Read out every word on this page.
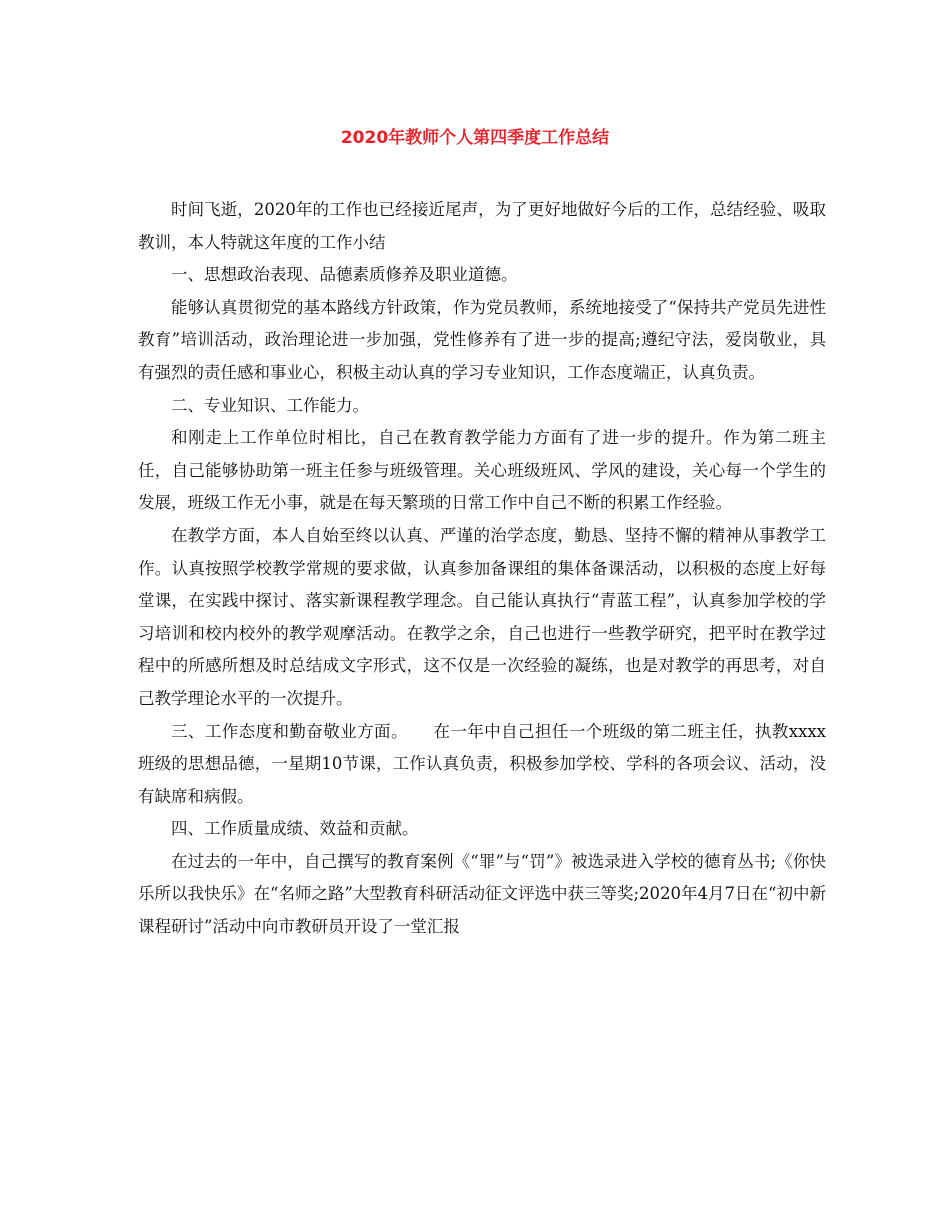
2020年教师个人第四季度工作总结

时间飞逝，2020年的工作也已经接近尾声，为了更好地做好今后的工作，总结经验、吸取教训，本人特就这年度的工作小结

一、思想政治表现、品德素质修养及职业道德。

能够认真贯彻党的基本路线方针政策，作为党员教师，系统地接受了“保持共产党员先进性教育”培训活动，政治理论进一步加强，党性修养有了进一步的提高;遵纪守法，爱岗敬业，具有强烈的责任感和事业心，积极主动认真的学习专业知识，工作态度端正，认真负责。

二、专业知识、工作能力。

和刚走上工作单位时相比，自己在教育教学能力方面有了进一步的提升。作为第二班主任，自己能够协助第一班主任参与班级管理。关心班级班风、学风的建设，关心每一个学生的发展，班级工作无小事，就是在每天繁琐的日常工作中自己不断的积累工作经验。

在教学方面，本人自始至终以认真、严谨的治学态度，勤恳、坚持不懈的精神从事教学工作。认真按照学校教学常规的要求做，认真参加备课组的集体备课活动，以积极的态度上好每堂课，在实践中探讨、落实新课程教学理念。自己能认真执行“青蓝工程”，认真参加学校的学习培训和校内校外的教学观摩活动。在教学之余，自己也进行一些教学研究，把平时在教学过程中的所感所想及时总结成文字形式，这不仅是一次经验的凝练，也是对教学的再思考，对自己教学理论水平的一次提升。

三、工作态度和勤奋敬业方面。　　在一年中自己担任一个班级的第二班主任，执教xxxx班级的思想品德，一星期10节课，工作认真负责，积极参加学校、学科的各项会议、活动，没有缺席和病假。

四、工作质量成绩、效益和贡献。

在过去的一年中，自己撰写的教育案例《“罪”与“罚”》被选录进入学校的德育丛书;《你快乐所以我快乐》在“名师之路”大型教育科研活动征文评选中获三等奖;2020年4月7日在“初中新课程研讨”活动中向市教研员开设了一堂汇报
